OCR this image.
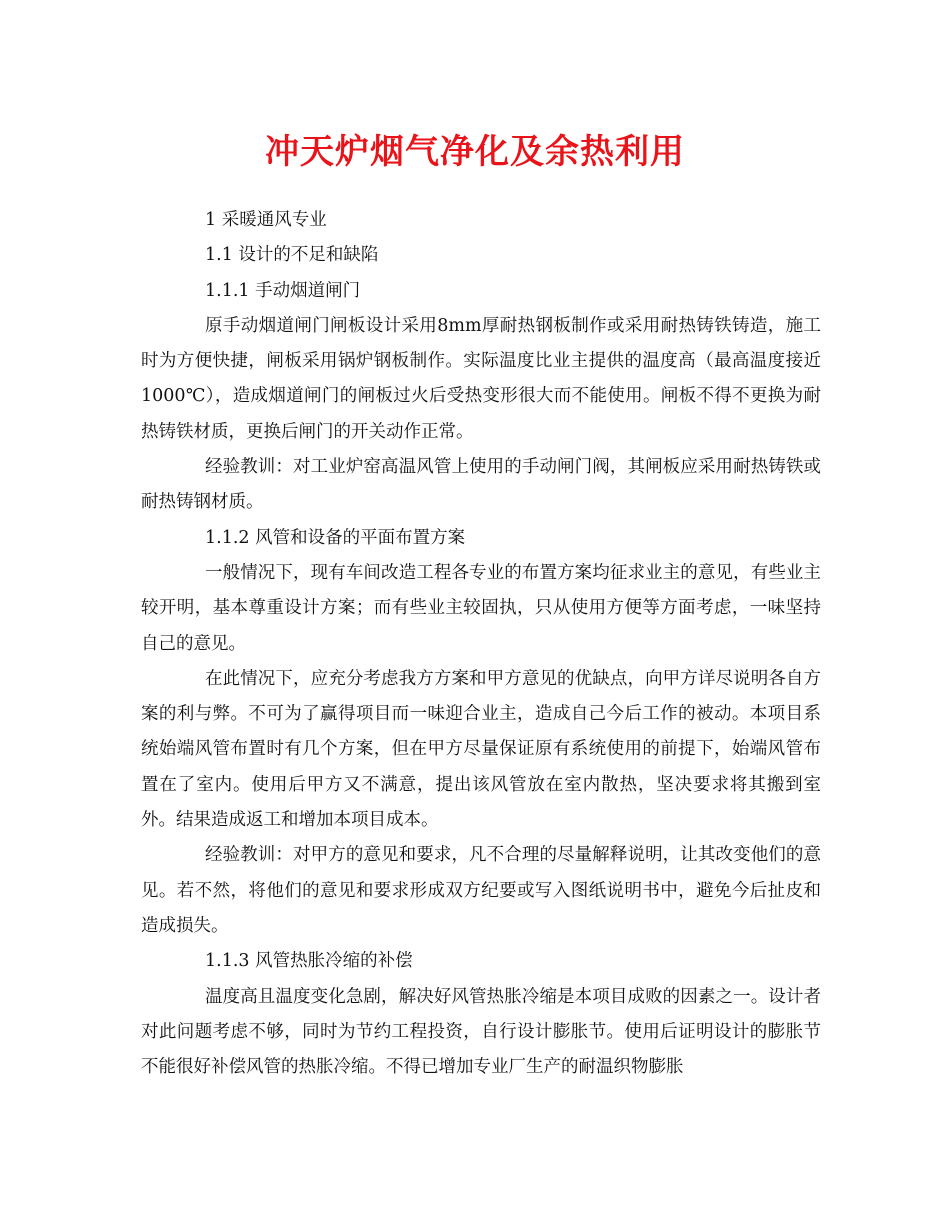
冲天炉烟气净化及余热利用
1 采暖通风专业
1.1 设计的不足和缺陷
1.1.1 手动烟道闸门
原手动烟道闸门闸板设计采用8mm厚耐热钢板制作或采用耐热铸铁铸造，施工时为方便快捷，闸板采用锅炉钢板制作。实际温度比业主提供的温度高（最高温度接近1000℃），造成烟道闸门的闸板过火后受热变形很大而不能使用。闸板不得不更换为耐热铸铁材质，更换后闸门的开关动作正常。
经验教训：对工业炉窑高温风管上使用的手动闸门阀，其闸板应采用耐热铸铁或耐热铸钢材质。
1.1.2 风管和设备的平面布置方案
一般情况下，现有车间改造工程各专业的布置方案均征求业主的意见，有些业主较开明，基本尊重设计方案；而有些业主较固执，只从使用方便等方面考虑，一味坚持自己的意见。
在此情况下，应充分考虑我方方案和甲方意见的优缺点，向甲方详尽说明各自方案的利与弊。不可为了赢得项目而一味迎合业主，造成自己今后工作的被动。本项目系统始端风管布置时有几个方案，但在甲方尽量保证原有系统使用的前提下，始端风管布置在了室内。使用后甲方又不满意，提出该风管放在室内散热，坚决要求将其搬到室外。结果造成返工和增加本项目成本。
经验教训：对甲方的意见和要求，凡不合理的尽量解释说明，让其改变他们的意见。若不然，将他们的意见和要求形成双方纪要或写入图纸说明书中，避免今后扯皮和造成损失。
1.1.3 风管热胀冷缩的补偿
温度高且温度变化急剧，解决好风管热胀冷缩是本项目成败的因素之一。设计者对此问题考虑不够，同时为节约工程投资，自行设计膨胀节。使用后证明设计的膨胀节不能很好补偿风管的热胀冷缩。不得已增加专业厂生产的耐温织物膨胀
